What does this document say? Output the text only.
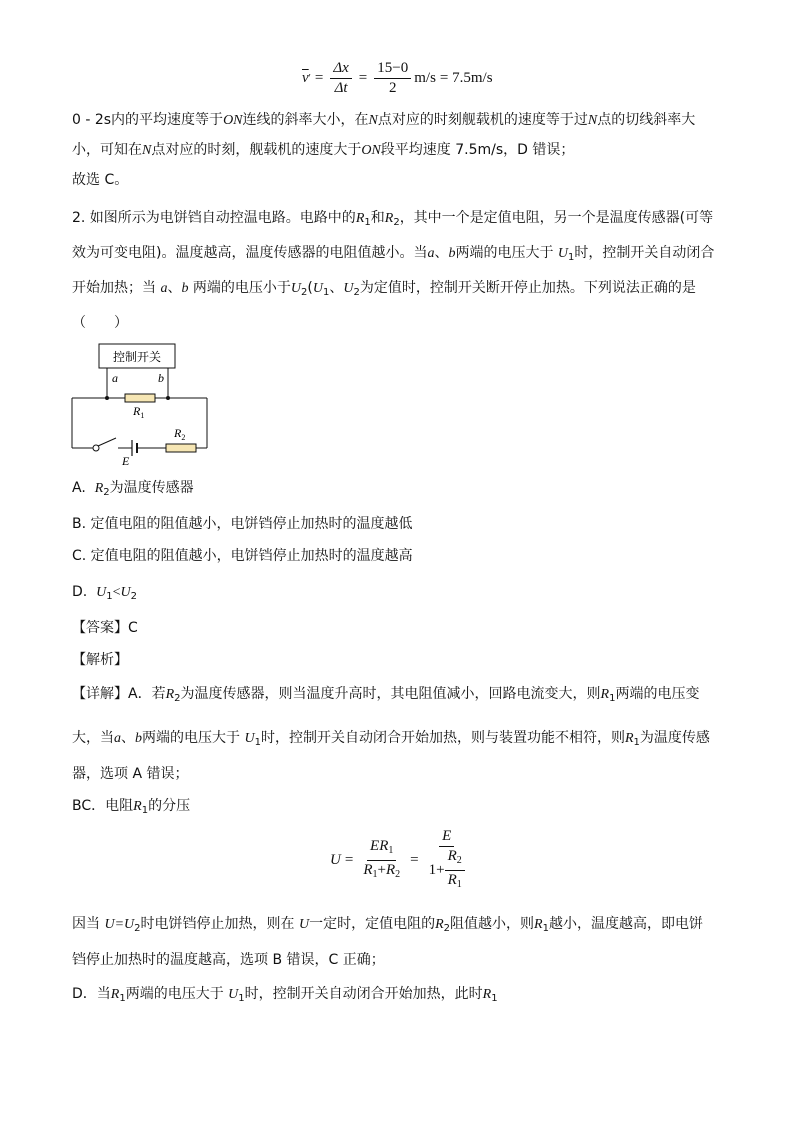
$\overline{v}$ ′ = $\frac{\Delta x}{\Delta t} = \frac{15-0}{2} m/s = 7.5m/s$
0 - 2s内的平均速度等于ON连线的斜率大小，在N点对应的时刻舰载机的速度等于过N点的切线斜率大
小，可知在N点对应的时刻，舰载机的速度大于ON段平均速度 7.5m/s，D 错误；
故选 C。
2. 如图所示为电饼铛自动控温电路。电路中的$R_1$和$R_2$，其中一个是定值电阻，另一个是温度传感器(可等
效为可变电阻)。温度越高，温度传感器的电阻值越小。当a、b两端的电压大于 $U_1$时，控制开关自动闭合
开始加热；当 a、b 两端的电压小于$U_2(U_1$、$U_2$为定值时，控制开关断开停止加热。下列说法正确的是
（　　）
控制开关
a	b
$R_1$
$R_2$
E
A. $R_2$为温度传感器
B. 定值电阻的阻值越小，电饼铛停止加热时的温度越低
C. 定值电阻的阻值越小，电饼铛停止加热时的温度越高
D. $U_1<U_2$
【答案】C
【解析】
【详解】A．若$R_2$为温度传感器，则当温度升高时，其电阻值减小，回路电流变大，则$R_1$两端的电压变
大，当a、b两端的电压大于 $U_1$时，控制开关自动闭合开始加热，则与装置功能不相符，则$R_1$为温度传感
器，选项 A 错误；
BC．电阻$R_1$的分压
$U = \frac{ER_1}{R_1+R_2} = \frac{E}{1+ \frac{R_2}{R_1}}$
因当 $U=U_2$时电饼铛停止加热，则在 U一定时，定值电阻的$R_2$阻值越小，则$R_1$越小，温度越高，即电饼
铛停止加热时的温度越高，选项 B 错误，C 正确；
D．当$R_1$两端的电压大于 $U_1$时，控制开关自动闭合开始加热，此时$R_1$
